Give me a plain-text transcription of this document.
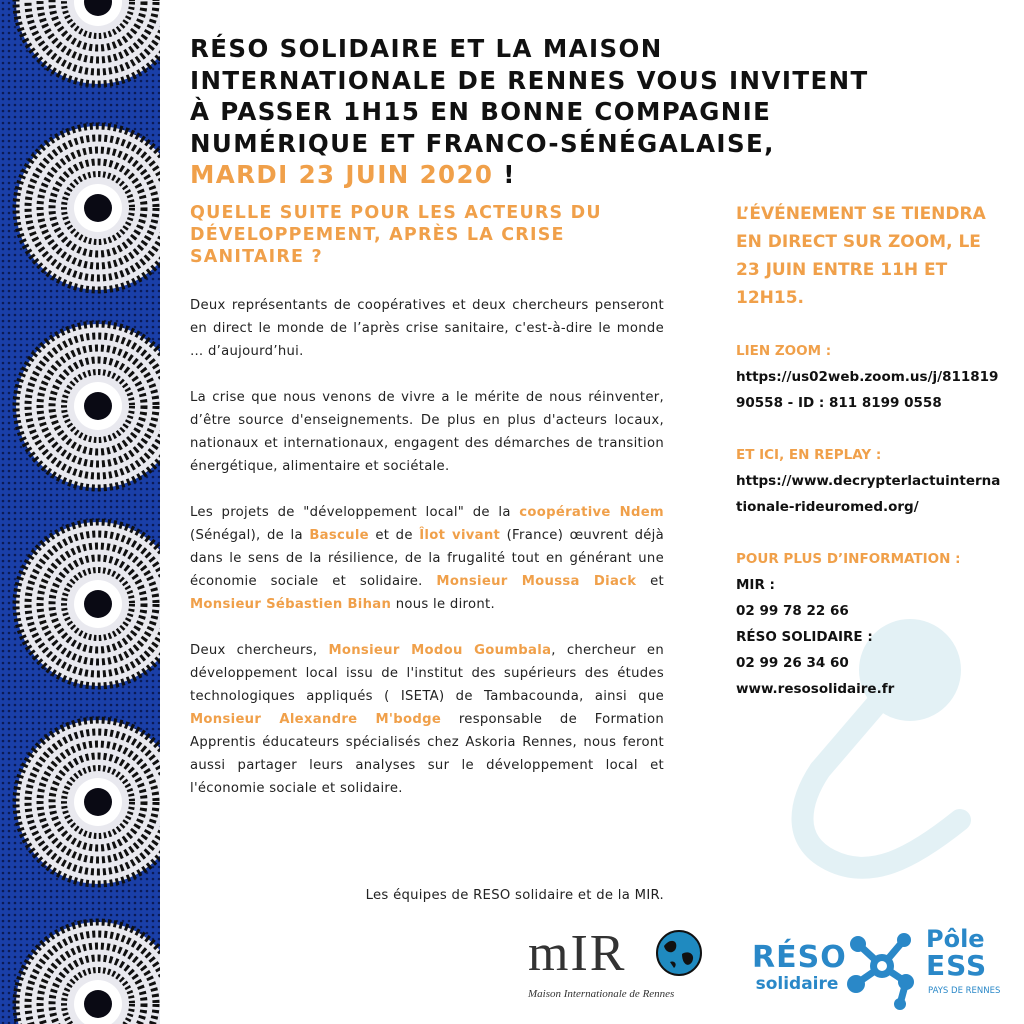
RÉSO SOLIDAIRE ET LA MAISON
INTERNATIONALE DE RENNES VOUS INVITENT
À PASSER 1H15 EN BONNE COMPAGNIE
NUMÉRIQUE ET FRANCO-SÉNÉGALAISE,
MARDI 23 JUIN 2020 !
QUELLE SUITE POUR LES ACTEURS DU DÉVELOPPEMENT, APRÈS LA CRISE SANITAIRE ?

Deux représentants de coopératives et deux chercheurs penseront en direct le monde de l’après crise sanitaire, c'est-à-dire le monde … d’aujourd’hui.

La crise que nous venons de vivre a le mérite de nous réinventer, d’être source d'enseignements. De plus en plus d'acteurs locaux, nationaux et internationaux, engagent des démarches de transition énergétique, alimentaire et sociétale.

Les projets de "développement local" de la coopérative Ndem (Sénégal), de la Bascule et de Îlot vivant (France) œuvrent déjà dans le sens de la résilience, de la frugalité tout en générant une économie sociale et solidaire. Monsieur Moussa Diack et Monsieur Sébastien Bihan nous le diront.

Deux chercheurs, Monsieur Modou Goumbala, chercheur en développement local issu de l'institut des supérieurs des études technologiques appliqués ( ISETA) de Tambacounda, ainsi que Monsieur Alexandre M'bodge responsable de Formation Apprentis éducateurs spécialisés chez Askoria Rennes, nous feront aussi partager leurs analyses sur le développement local et l'économie sociale et solidaire.

Les équipes de RESO solidaire et de la MIR.
L’ÉVÉNEMENT SE TIENDRA EN DIRECT SUR ZOOM, LE 23 JUIN ENTRE 11H ET 12H15.
LIEN ZOOM :
https://us02web.zoom.us/j/81181990558 - ID : 811 8199 0558
ET ICI, EN REPLAY :
https://www.decrypterlactuinternationale-rideuromed.org/
POUR PLUS D’INFORMATION :
MIR :
02 99 78 22 66
RÉSO SOLIDAIRE :
02 99 26 34 60
www.resosolidaire.fr
mIR
Maison Internationale de Rennes
RÉSO
solidaire
Pôle
ESS
PAYS DE RENNES
